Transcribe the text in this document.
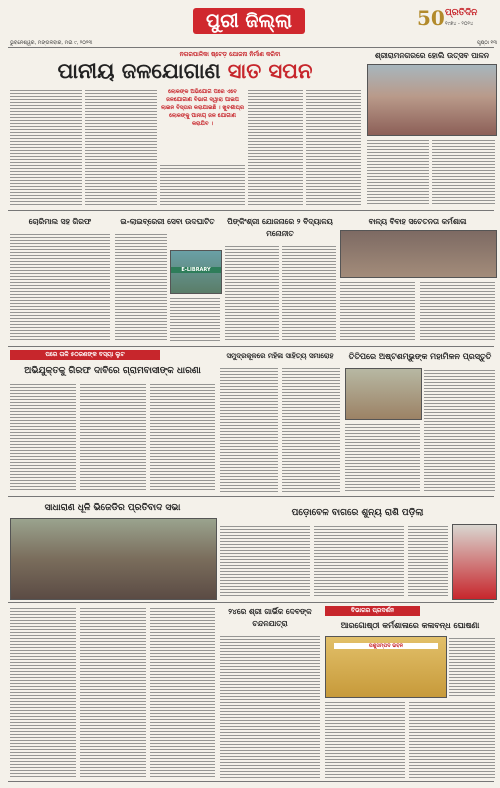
ପୁରୀ ଜିଲ୍ଲା
ଭୁବନେଶ୍ୱର, ମଙ୍ଗଳବାର, ମଇ ୯, ୨୦୨୩
50 ପ୍ରତିଦିନ
୧୯୭୪ - ୨୦୨୪
ପୃଷ୍ଠା ୧୩
ନଗରପାଳିକା ଷ୍ଟେଡ଼ ଯୋଜନା ନିର୍ମାଣ କରିବା
ପାନୀୟ ଜଳଯୋଗାଣ ସାତ ସପନ
ଲୋକଙ୍କ ଅଭିଯୋଗ ପରେ ଏବେ ଜଳଯୋଗାଣ ବିଭାଗ ଦ୍ୱାରା ପାଇପ ଲାଇନ ବିସ୍ତାର କରାଯାଇଛି । ଖୁବଶୀଘ୍ର ଲୋକଙ୍କୁ ପାନୀୟ ଜଳ ଯୋଗାଣ କରାଯିବ ।
ଶ୍ରୀରାମନଗରରେ ହୋଲି ଉତ୍ସବ ପାଳନ
ଚୋରିମାଲ ସହ ଗିରଫ	ଇ-ଲାଇବ୍ରେରୀ ସେବା ଉଦଘାଟିତ
E-LIBRARY
ପିଙ୍କିଂଶ୍ରୀ ଯୋଜନାରେ ୨ ବିଦ୍ୟାଳୟ ମନୋନୀତ
ବାଳ୍ୟ ବିବାହ ସଚେତନତା କର୍ମଶାଳା
ପରେ ତାଳି ୫୦ଜଣଙ୍କ ବସ୍ୟା ଲୁଟ
ଅଭିଯୁକ୍ତକୁ ଗିରଫ ଦାବିରେ ଗ୍ରାମବାସୀଙ୍କ ଧାରଣା
ସମୁଦ୍ରକୂଳରେ ମହିଳା ସାହିତ୍ୟ ସମାରୋହ	ତିତିପରେ ଅଷ୍ଟଶମ୍ଭୁଙ୍କ ମହାମିଳନ ପ୍ରସ୍ତୁତି
ସାଧାରାଣ ଧୂଳି ଭିଜେଡିର ପ୍ରତିବାଦ ସଭା	ପଡ଼ୋବେଳ ବାଗରେ ଶୁନ୍ୟ ରାଶି ପଡ଼ିଲା
୨୪ରେ ଶ୍ରୀ ଗାର୍ଭିକ ଦେବଙ୍କ ଚନ୍ଦନଯାତ୍ରା
ବିଭାଗର ପ୍ରଦର୍ଶନ
ଆରଗୋଷ୍ଠୀ କର୍ମଶାଳାରେ କଳାବନ୍ଧ ଘୋଷଣା
ପଶୁସମ୍ପଦ ଭବନ
